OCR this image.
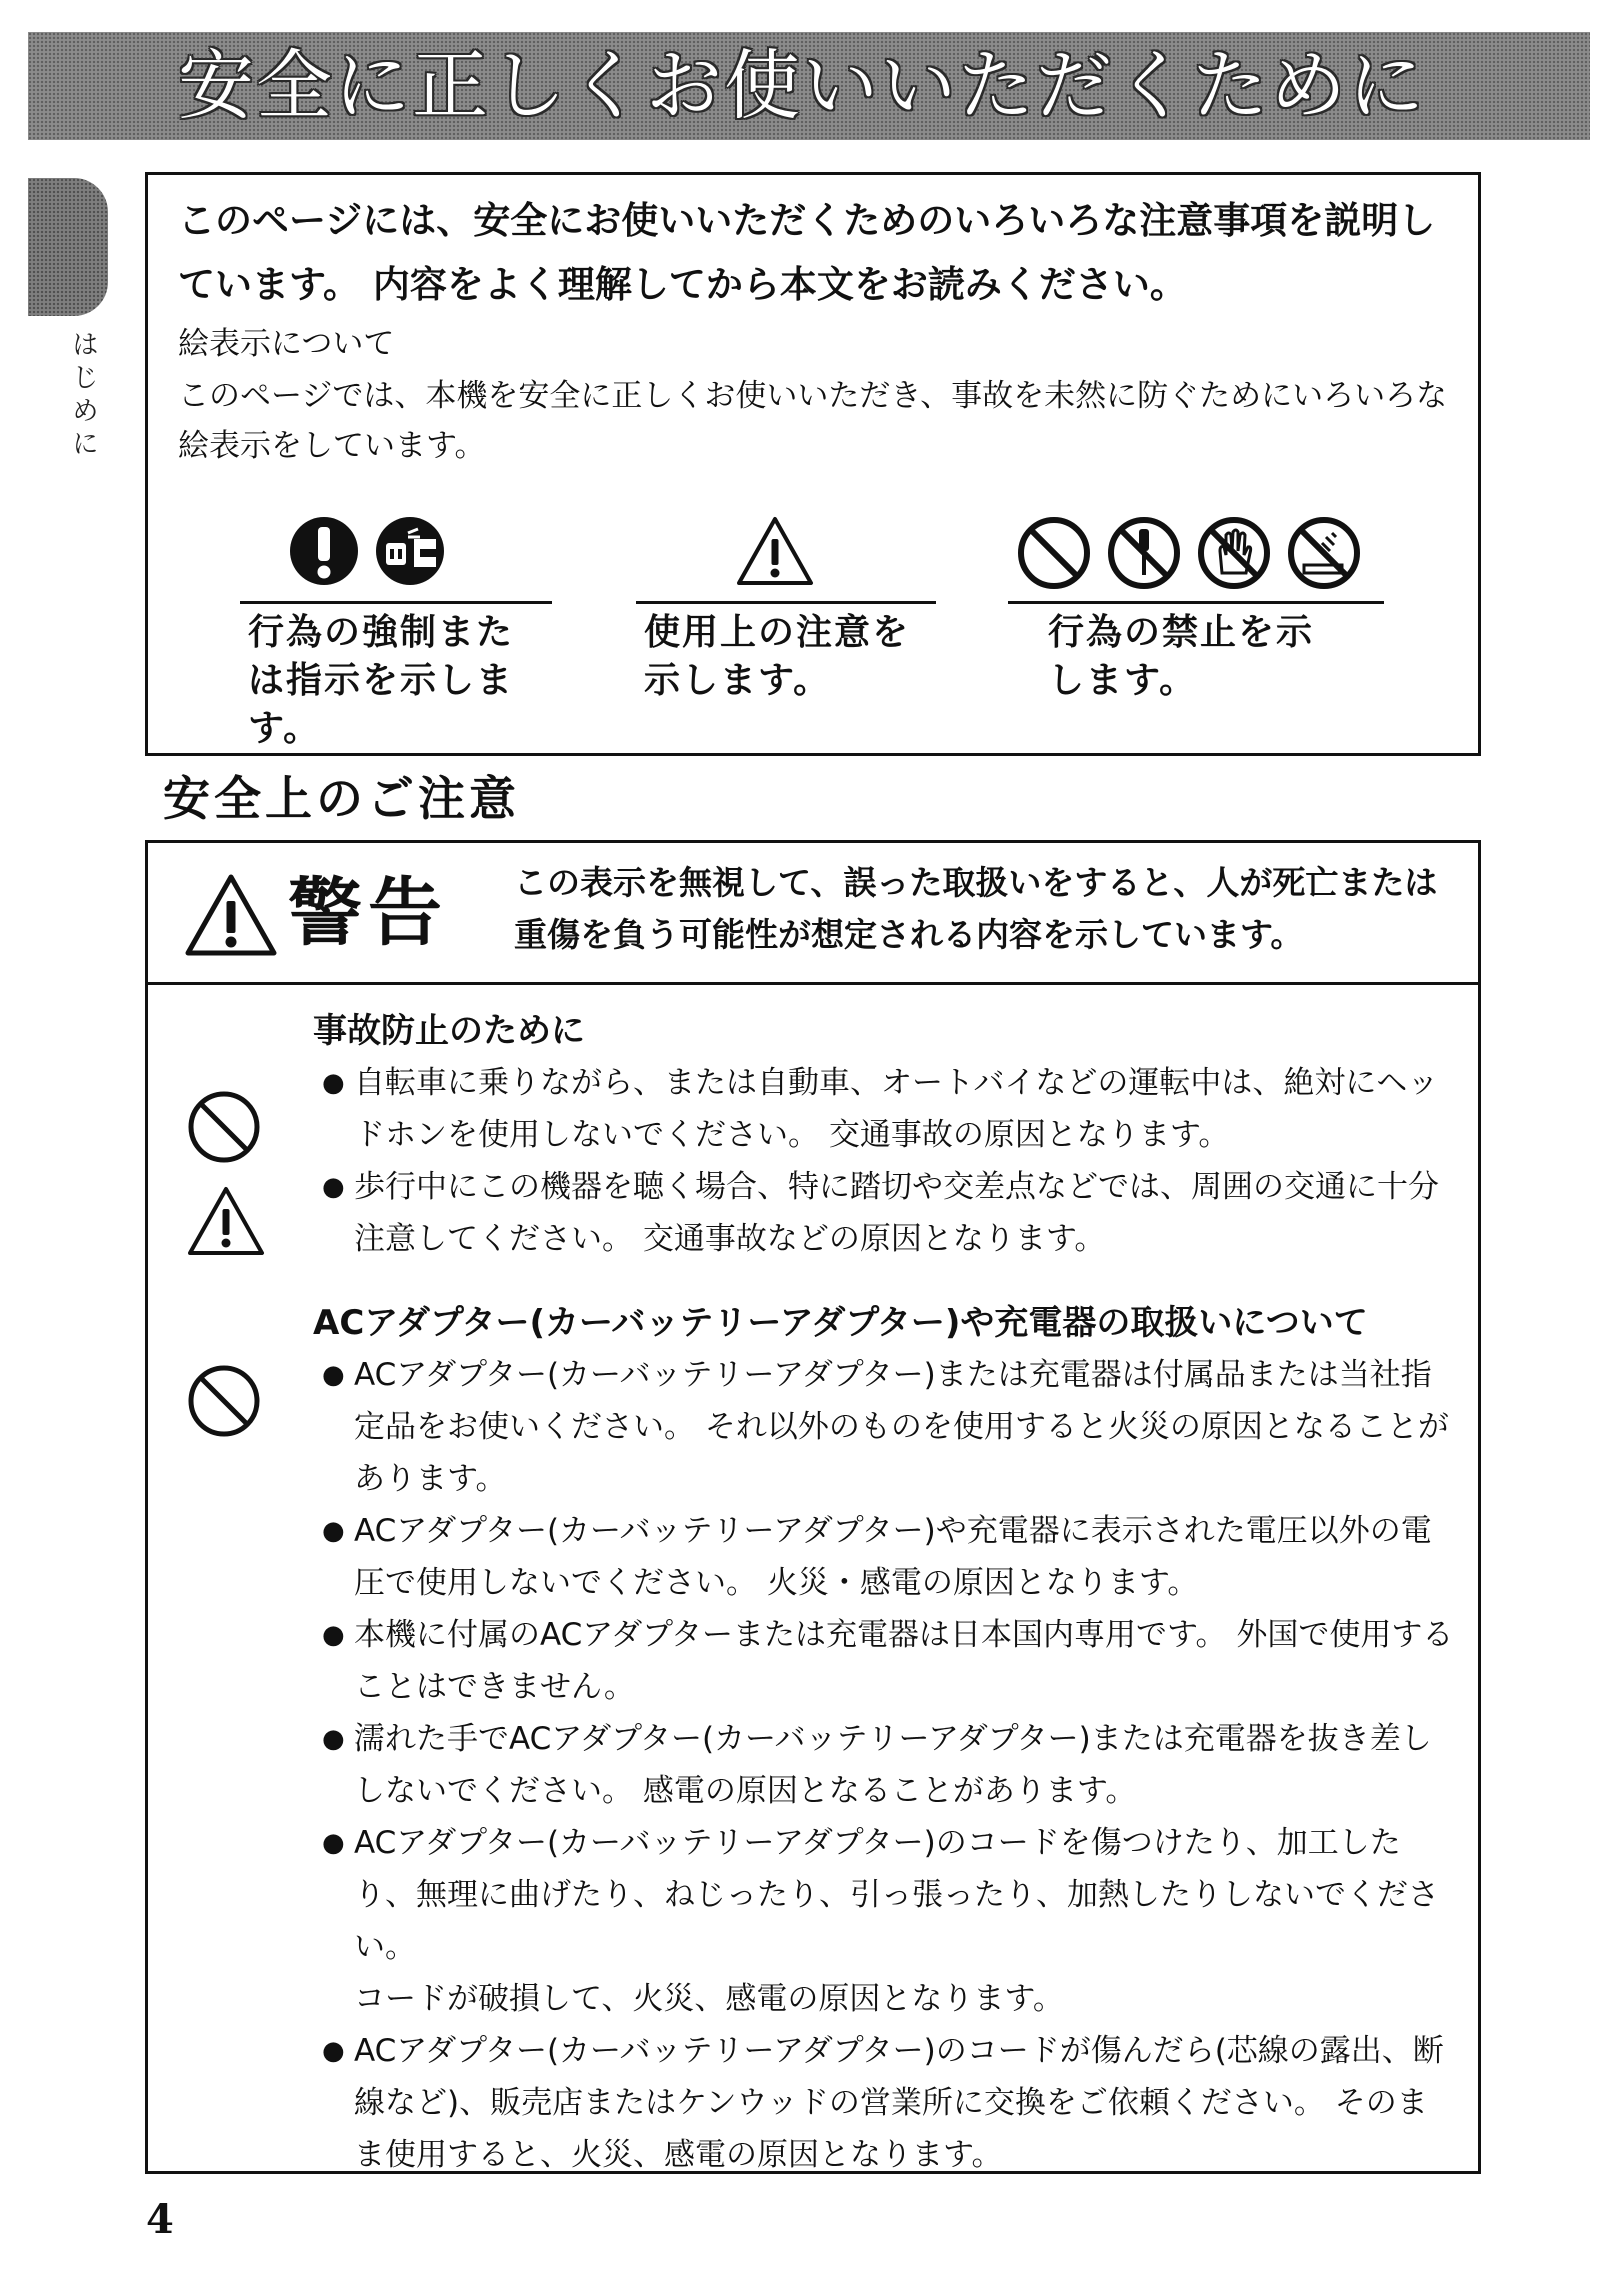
安全に正しくお使いいただくために
はじめに

このページには、安全にお使いいただくためのいろいろな注意事項を説明しています。 内容をよく理解してから本文をお読みください。

絵表示について

このページでは、本機を安全に正しくお使いいただき、事故を未然に防ぐためにいろいろな絵表示をしています。

行為の強制または指示を示します。

使用上の注意を示します。

行為の禁止を示します。

安全上のご注意
警告 この表示を無視して、誤った取扱いをすると、人が死亡または重傷を負う可能性が想定される内容を示しています。

事故防止のために

● 自転車に乗りながら、または自動車、オートバイなどの運転中は、絶対にヘッドホンを使用しないでください。 交通事故の原因となります。
● 歩行中にこの機器を聴く場合、特に踏切や交差点などでは、周囲の交通に十分注意してください。 交通事故などの原因となります。

ACアダプター(カーバッテリーアダプター)や充電器の取扱いについて

● ACアダプター(カーバッテリーアダプター)または充電器は付属品または当社指定品をお使いください。 それ以外のものを使用すると火災の原因となることがあります。
● ACアダプター(カーバッテリーアダプター)や充電器に表示された電圧以外の電圧で使用しないでください。 火災・感電の原因となります。
● 本機に付属のACアダプターまたは充電器は日本国内専用です。 外国で使用することはできません。
● 濡れた手でACアダプター(カーバッテリーアダプター)または充電器を抜き差ししないでください。 感電の原因となることがあります。
● ACアダプター(カーバッテリーアダプター)のコードを傷つけたり、加工したり、無理に曲げたり、ねじったり、引っ張ったり、加熱したりしないでください。
コードが破損して、火災、感電の原因となります。
● ACアダプター(カーバッテリーアダプター)のコードが傷んだら(芯線の露出、断線など)、販売店またはケンウッドの営業所に交換をご依頼ください。 そのまま使用すると、火災、感電の原因となります。
4
